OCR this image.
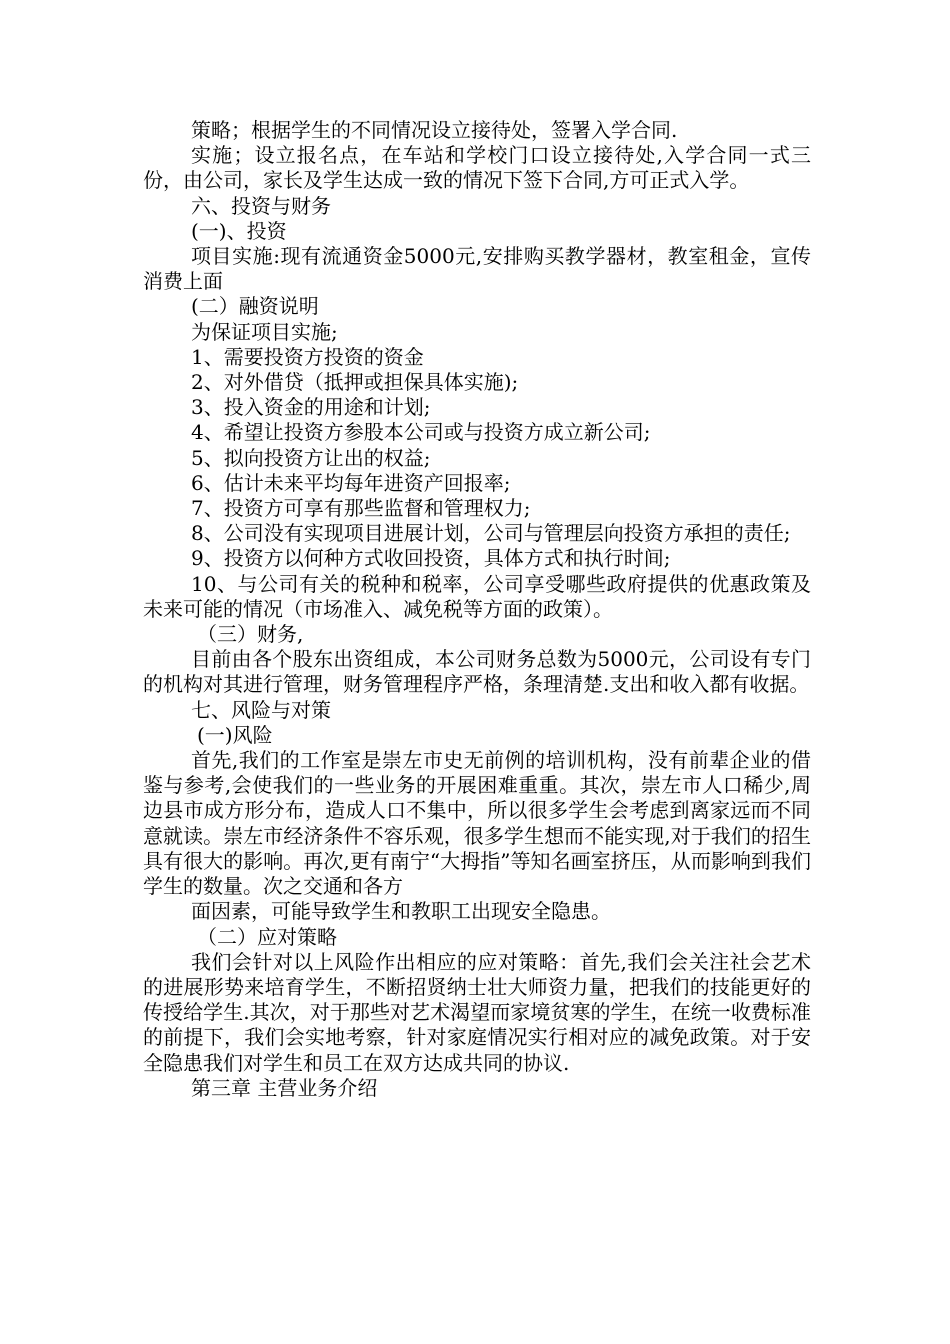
策略；根据学生的不同情况设立接待处，签署入学合同.

实施；设立报名点，在车站和学校门口设立接待处,入学合同一式三份，由公司，家长及学生达成一致的情况下签下合同,方可正式入学。

六、投资与财务

(一)、投资

项目实施:现有流通资金5000元,安排购买教学器材，教室租金，宣传消费上面

(二）融资说明

为保证项目实施;

1、需要投资方投资的资金

2、对外借贷（抵押或担保具体实施);

3、投入资金的用途和计划;

4、希望让投资方参股本公司或与投资方成立新公司;

5、拟向投资方让出的权益;

6、估计未来平均每年进资产回报率;

7、投资方可享有那些监督和管理权力;

8、公司没有实现项目进展计划，公司与管理层向投资方承担的责任;

9、投资方以何种方式收回投资，具体方式和执行时间;

10、与公司有关的税种和税率，公司享受哪些政府提供的优惠政策及未来可能的情况（市场准入、减免税等方面的政策）。

（三）财务,

目前由各个股东出资组成，本公司财务总数为5000元，公司设有专门的机构对其进行管理，财务管理程序严格，条理清楚.支出和收入都有收据。

七、风险与对策

(一)风险

首先,我们的工作室是崇左市史无前例的培训机构，没有前辈企业的借鉴与参考,会使我们的一些业务的开展困难重重。其次，崇左市人口稀少,周边县市成方形分布，造成人口不集中，所以很多学生会考虑到离家远而不同意就读。崇左市经济条件不容乐观，很多学生想而不能实现,对于我们的招生具有很大的影响。再次,更有南宁“大拇指”等知名画室挤压，从而影响到我们学生的数量。次之交通和各方

面因素，可能导致学生和教职工出现安全隐患。

（二）应对策略

我们会针对以上风险作出相应的应对策略：首先,我们会关注社会艺术的进展形势来培育学生，不断招贤纳士壮大师资力量，把我们的技能更好的传授给学生.其次，对于那些对艺术渴望而家境贫寒的学生，在统一收费标准的前提下，我们会实地考察，针对家庭情况实行相对应的减免政策。对于安全隐患我们对学生和员工在双方达成共同的协议.

第三章 主营业务介绍
